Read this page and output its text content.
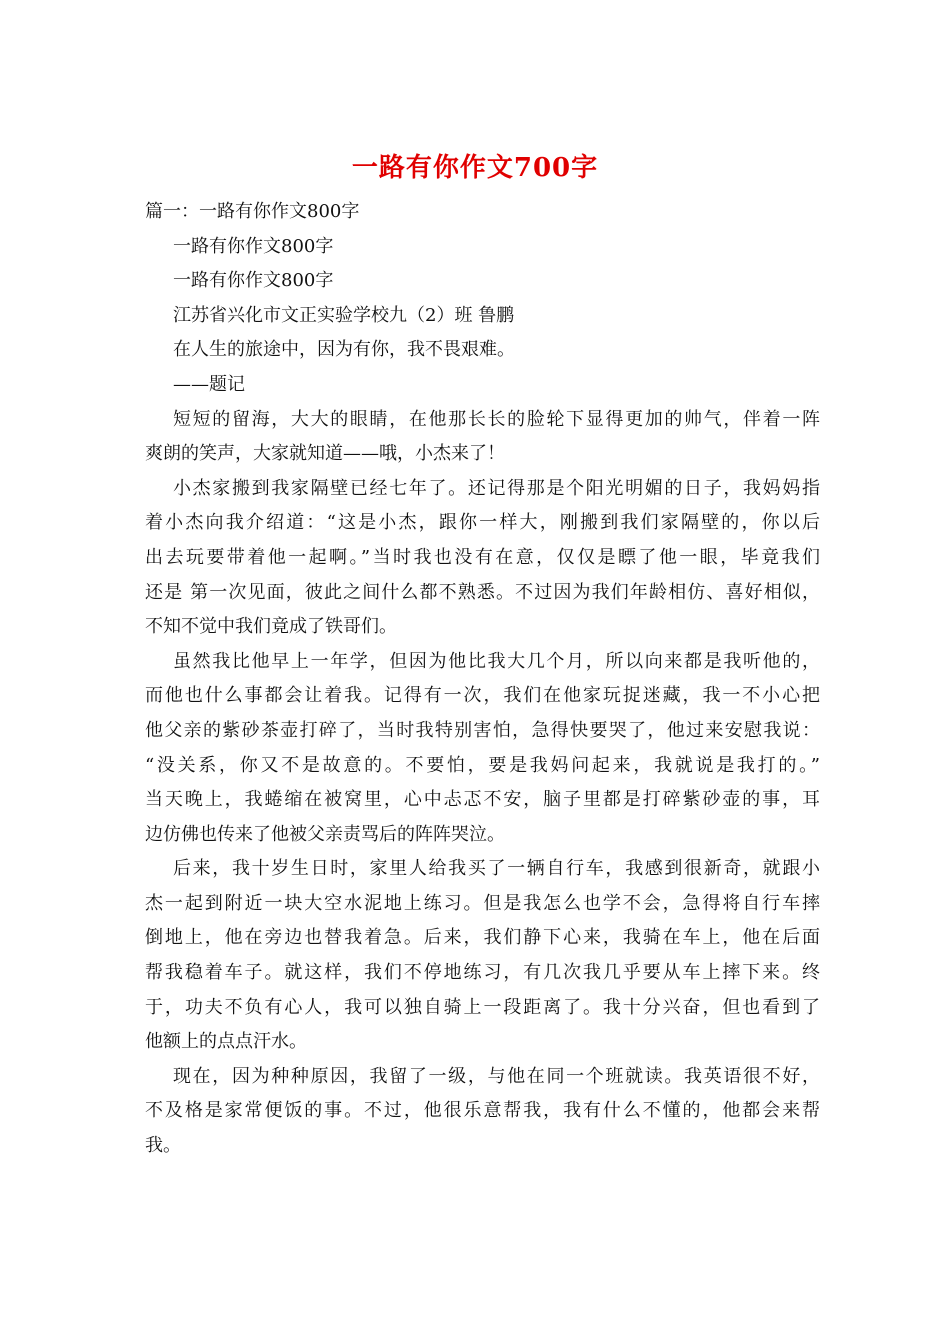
一路有你作文700字
篇一：一路有你作文800字
一路有你作文800字
一路有你作文800字
江苏省兴化市文正实验学校九（2）班 鲁鹏
在人生的旅途中，因为有你，我不畏艰难。
——题记
短短的留海，大大的眼睛，在他那长长的脸轮下显得更加的帅气，伴着一阵
爽朗的笑声，大家就知道——哦，小杰来了！
小杰家搬到我家隔壁已经七年了。还记得那是个阳光明媚的日子，我妈妈指
着小杰向我介绍道：“这是小杰，跟你一样大，刚搬到我们家隔壁的，你以后
出去玩要带着他一起啊。”当时我也没有在意，仅仅是瞟了他一眼，毕竟我们
还是 第一次见面，彼此之间什么都不熟悉。不过因为我们年龄相仿、喜好相似，
不知不觉中我们竟成了铁哥们。
虽然我比他早上一年学，但因为他比我大几个月，所以向来都是我听他的，
而他也什么事都会让着我。记得有一次，我们在他家玩捉迷藏，我一不小心把
他父亲的紫砂茶壶打碎了，当时我特别害怕，急得快要哭了，他过来安慰我说：
“没关系，你又不是故意的。不要怕，要是我妈问起来，我就说是我打的。”
当天晚上，我蜷缩在被窝里，心中忐忑不安，脑子里都是打碎紫砂壶的事，耳
边仿佛也传来了他被父亲责骂后的阵阵哭泣。
后来，我十岁生日时，家里人给我买了一辆自行车，我感到很新奇，就跟小
杰一起到附近一块大空水泥地上练习。但是我怎么也学不会，急得将自行车摔
倒地上，他在旁边也替我着急。后来，我们静下心来，我骑在车上，他在后面
帮我稳着车子。就这样，我们不停地练习，有几次我几乎要从车上摔下来。终
于，功夫不负有心人，我可以独自骑上一段距离了。我十分兴奋，但也看到了
他额上的点点汗水。
现在，因为种种原因，我留了一级，与他在同一个班就读。我英语很不好，
不及格是家常便饭的事。不过，他很乐意帮我，我有什么不懂的，他都会来帮
我。
